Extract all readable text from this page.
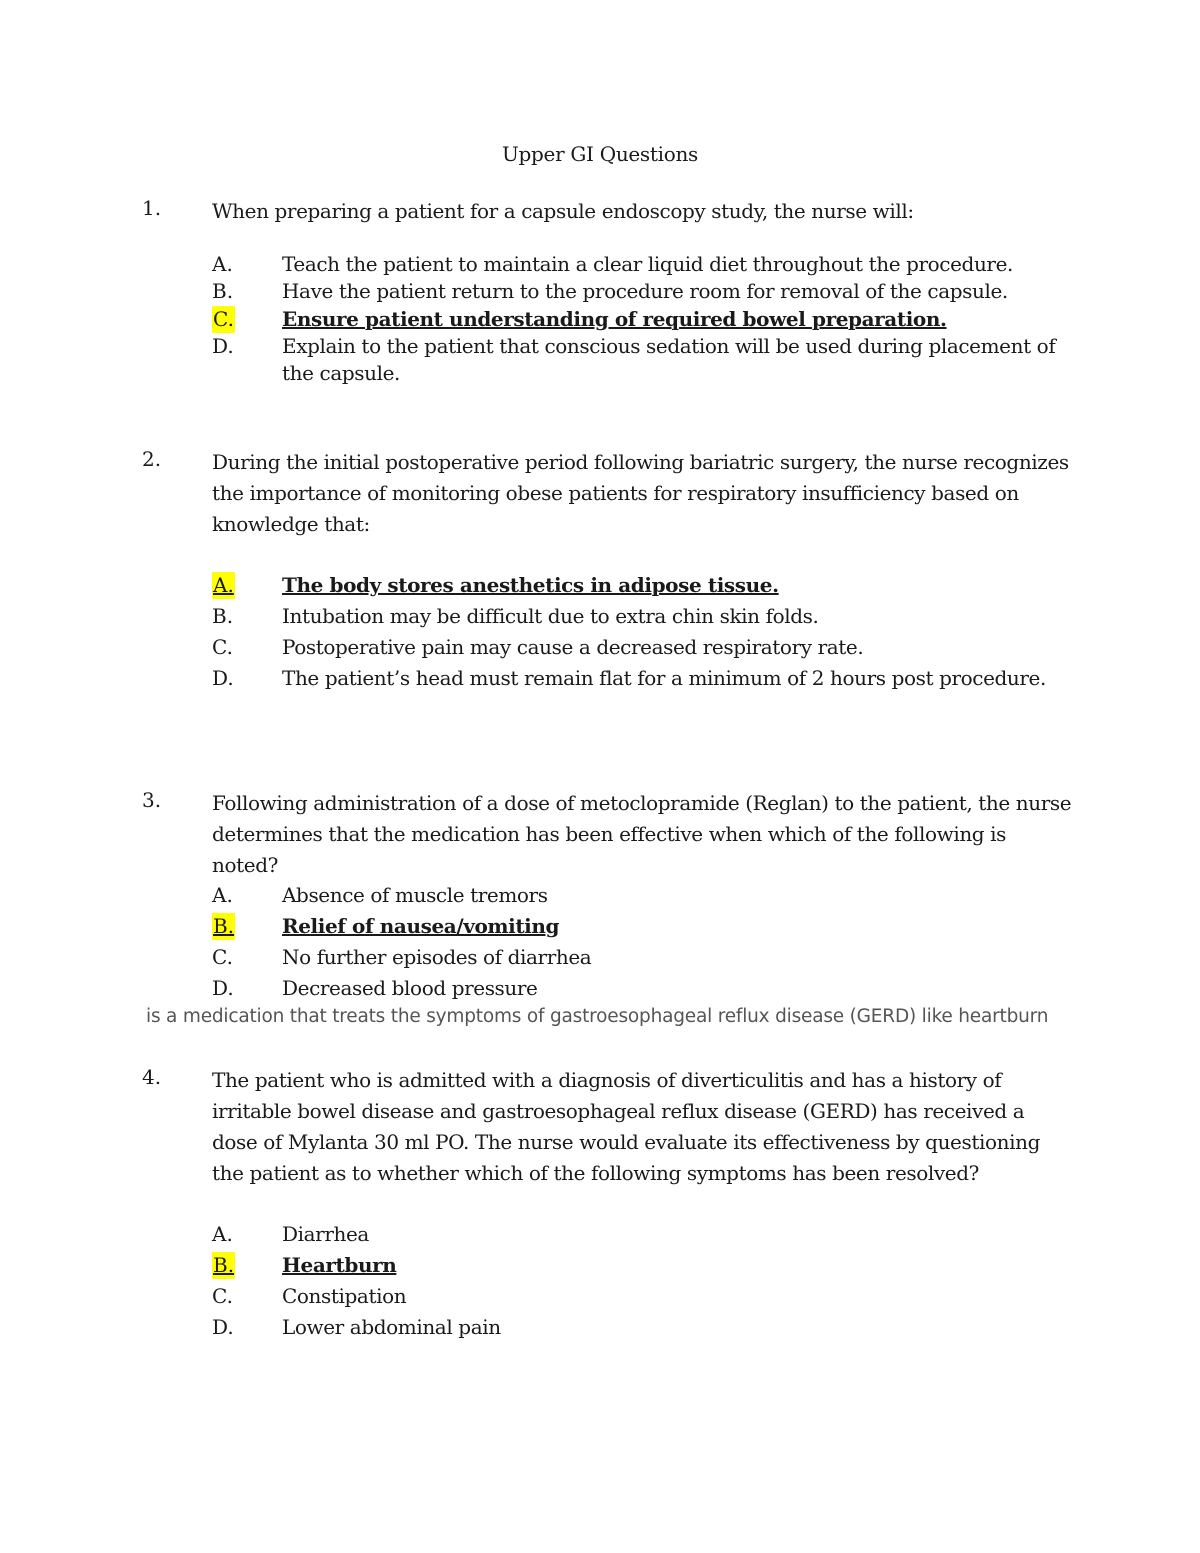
Upper GI Questions
1.	When preparing a patient for a capsule endoscopy study, the nurse will:
A. Teach the patient to maintain a clear liquid diet throughout the procedure.
B. Have the patient return to the procedure room for removal of the capsule.
C. Ensure patient understanding of required bowel preparation.
D. Explain to the patient that conscious sedation will be used during placement of the capsule.
2.	During the initial postoperative period following bariatric surgery, the nurse recognizes the importance of monitoring obese patients for respiratory insufficiency based on knowledge that:
A. The body stores anesthetics in adipose tissue.
B. Intubation may be difficult due to extra chin skin folds.
C. Postoperative pain may cause a decreased respiratory rate.
D. The patient’s head must remain flat for a minimum of 2 hours post procedure.
3.	Following administration of a dose of metoclopramide (Reglan) to the patient, the nurse determines that the medication has been effective when which of the following is noted?
A. Absence of muscle tremors
B. Relief of nausea/vomiting
C. No further episodes of diarrhea
D. Decreased blood pressure
is a medication that treats the symptoms of gastroesophageal reflux disease (GERD) like heartburn
4.	The patient who is admitted with a diagnosis of diverticulitis and has a history of irritable bowel disease and gastroesophageal reflux disease (GERD) has received a dose of Mylanta 30 ml PO. The nurse would evaluate its effectiveness by questioning the patient as to whether which of the following symptoms has been resolved?
A. Diarrhea
B. Heartburn
C. Constipation
D. Lower abdominal pain
